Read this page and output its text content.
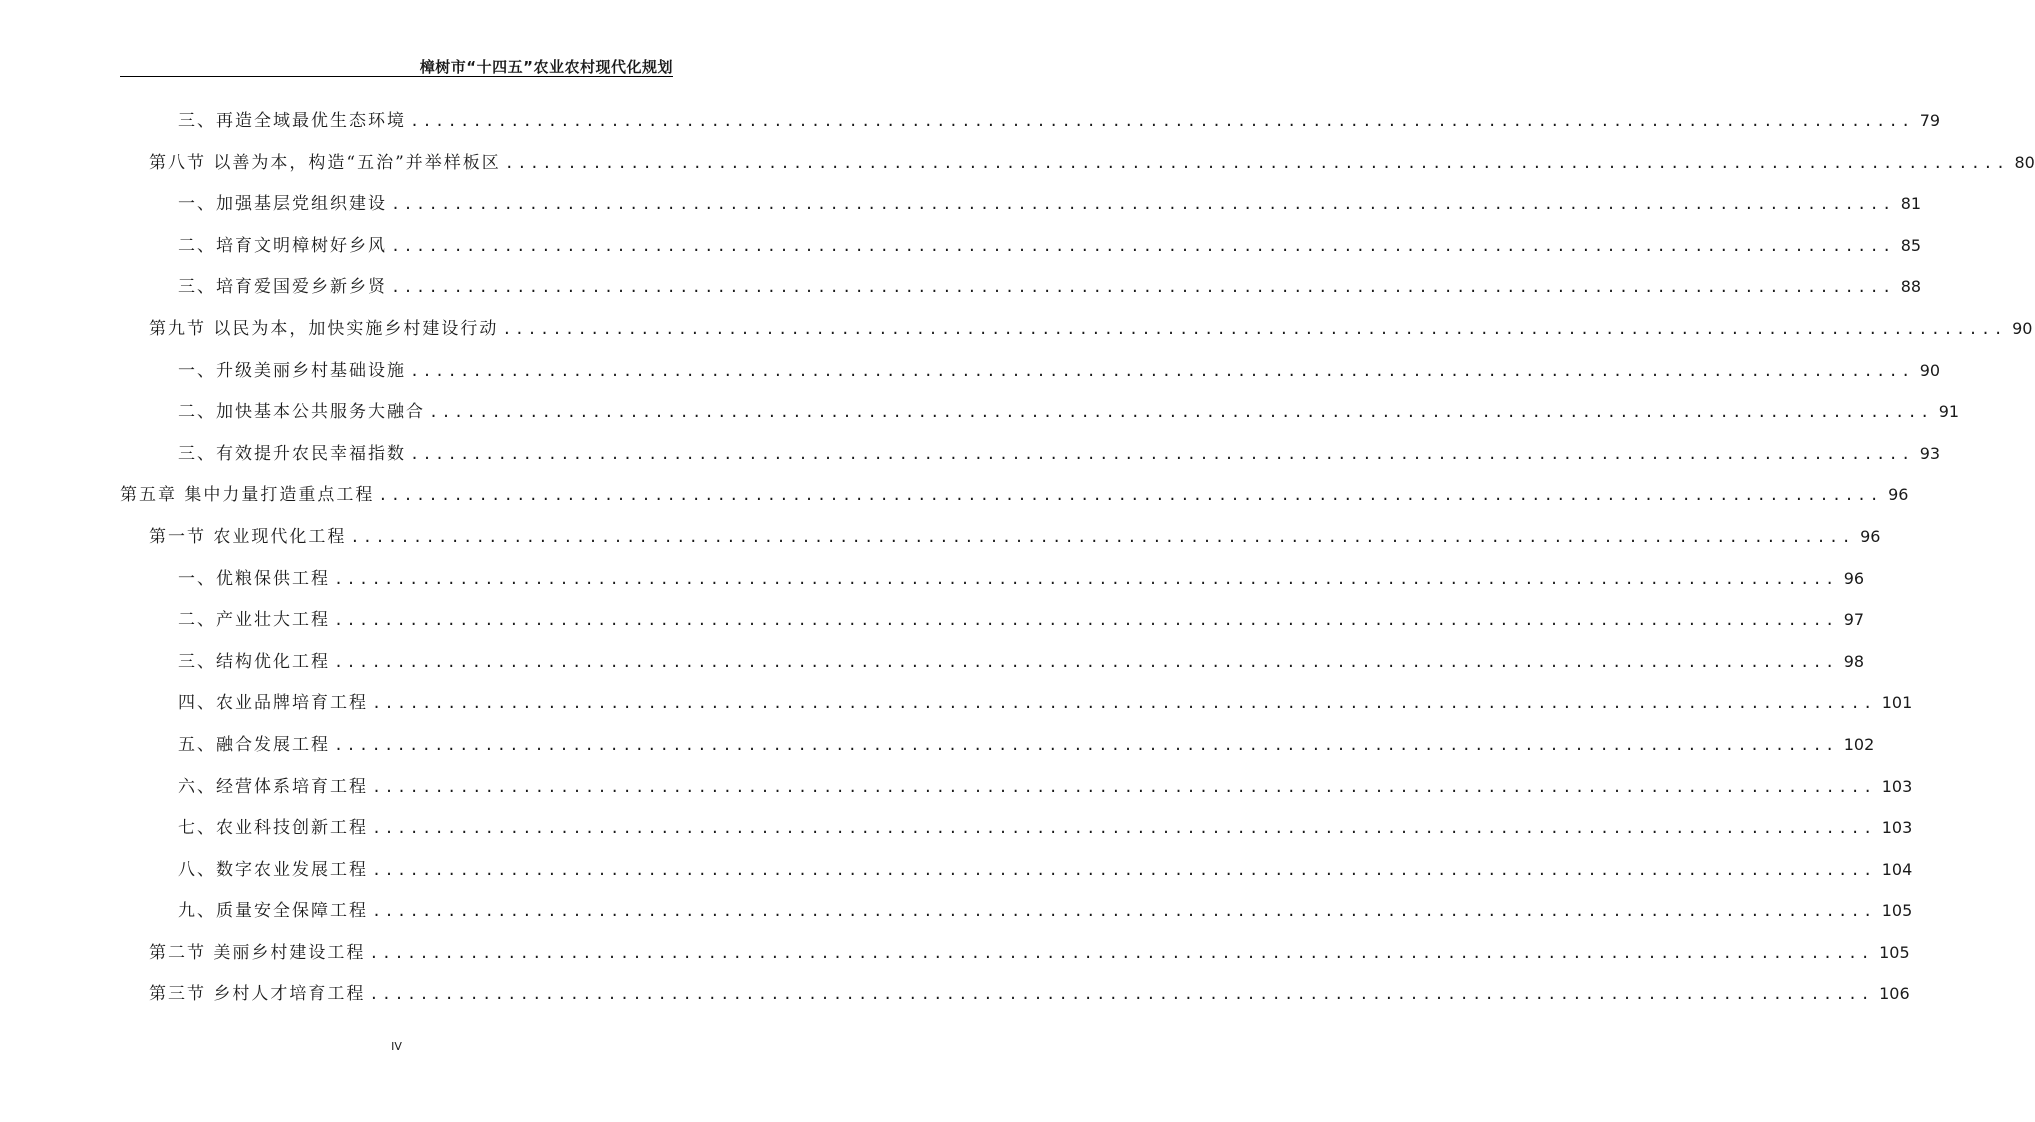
樟树市“十四五”农业农村现代化规划
三、再造全域最优生态环境 ........................................................................................................................ 79
第八节 以善为本，构造“五治”并举样板区 ........................................................................................................................ 80
一、加强基层党组织建设 ........................................................................................................................ 81
二、培育文明樟树好乡风 ........................................................................................................................ 85
三、培育爱国爱乡新乡贤 ........................................................................................................................ 88
第九节 以民为本，加快实施乡村建设行动 ........................................................................................................................ 90
一、升级美丽乡村基础设施 ........................................................................................................................ 90
二、加快基本公共服务大融合 ........................................................................................................................ 91
三、有效提升农民幸福指数 ........................................................................................................................ 93
第五章 集中力量打造重点工程 ........................................................................................................................ 96
第一节 农业现代化工程 ........................................................................................................................ 96
一、优粮保供工程 ........................................................................................................................ 96
二、产业壮大工程 ........................................................................................................................ 97
三、结构优化工程 ........................................................................................................................ 98
四、农业品牌培育工程 ........................................................................................................................ 101
五、融合发展工程 ........................................................................................................................ 102
六、经营体系培育工程 ........................................................................................................................ 103
七、农业科技创新工程 ........................................................................................................................ 103
八、数字农业发展工程 ........................................................................................................................ 104
九、质量安全保障工程 ........................................................................................................................ 105
第二节 美丽乡村建设工程 ........................................................................................................................ 105
第三节 乡村人才培育工程 ........................................................................................................................ 106
IV
